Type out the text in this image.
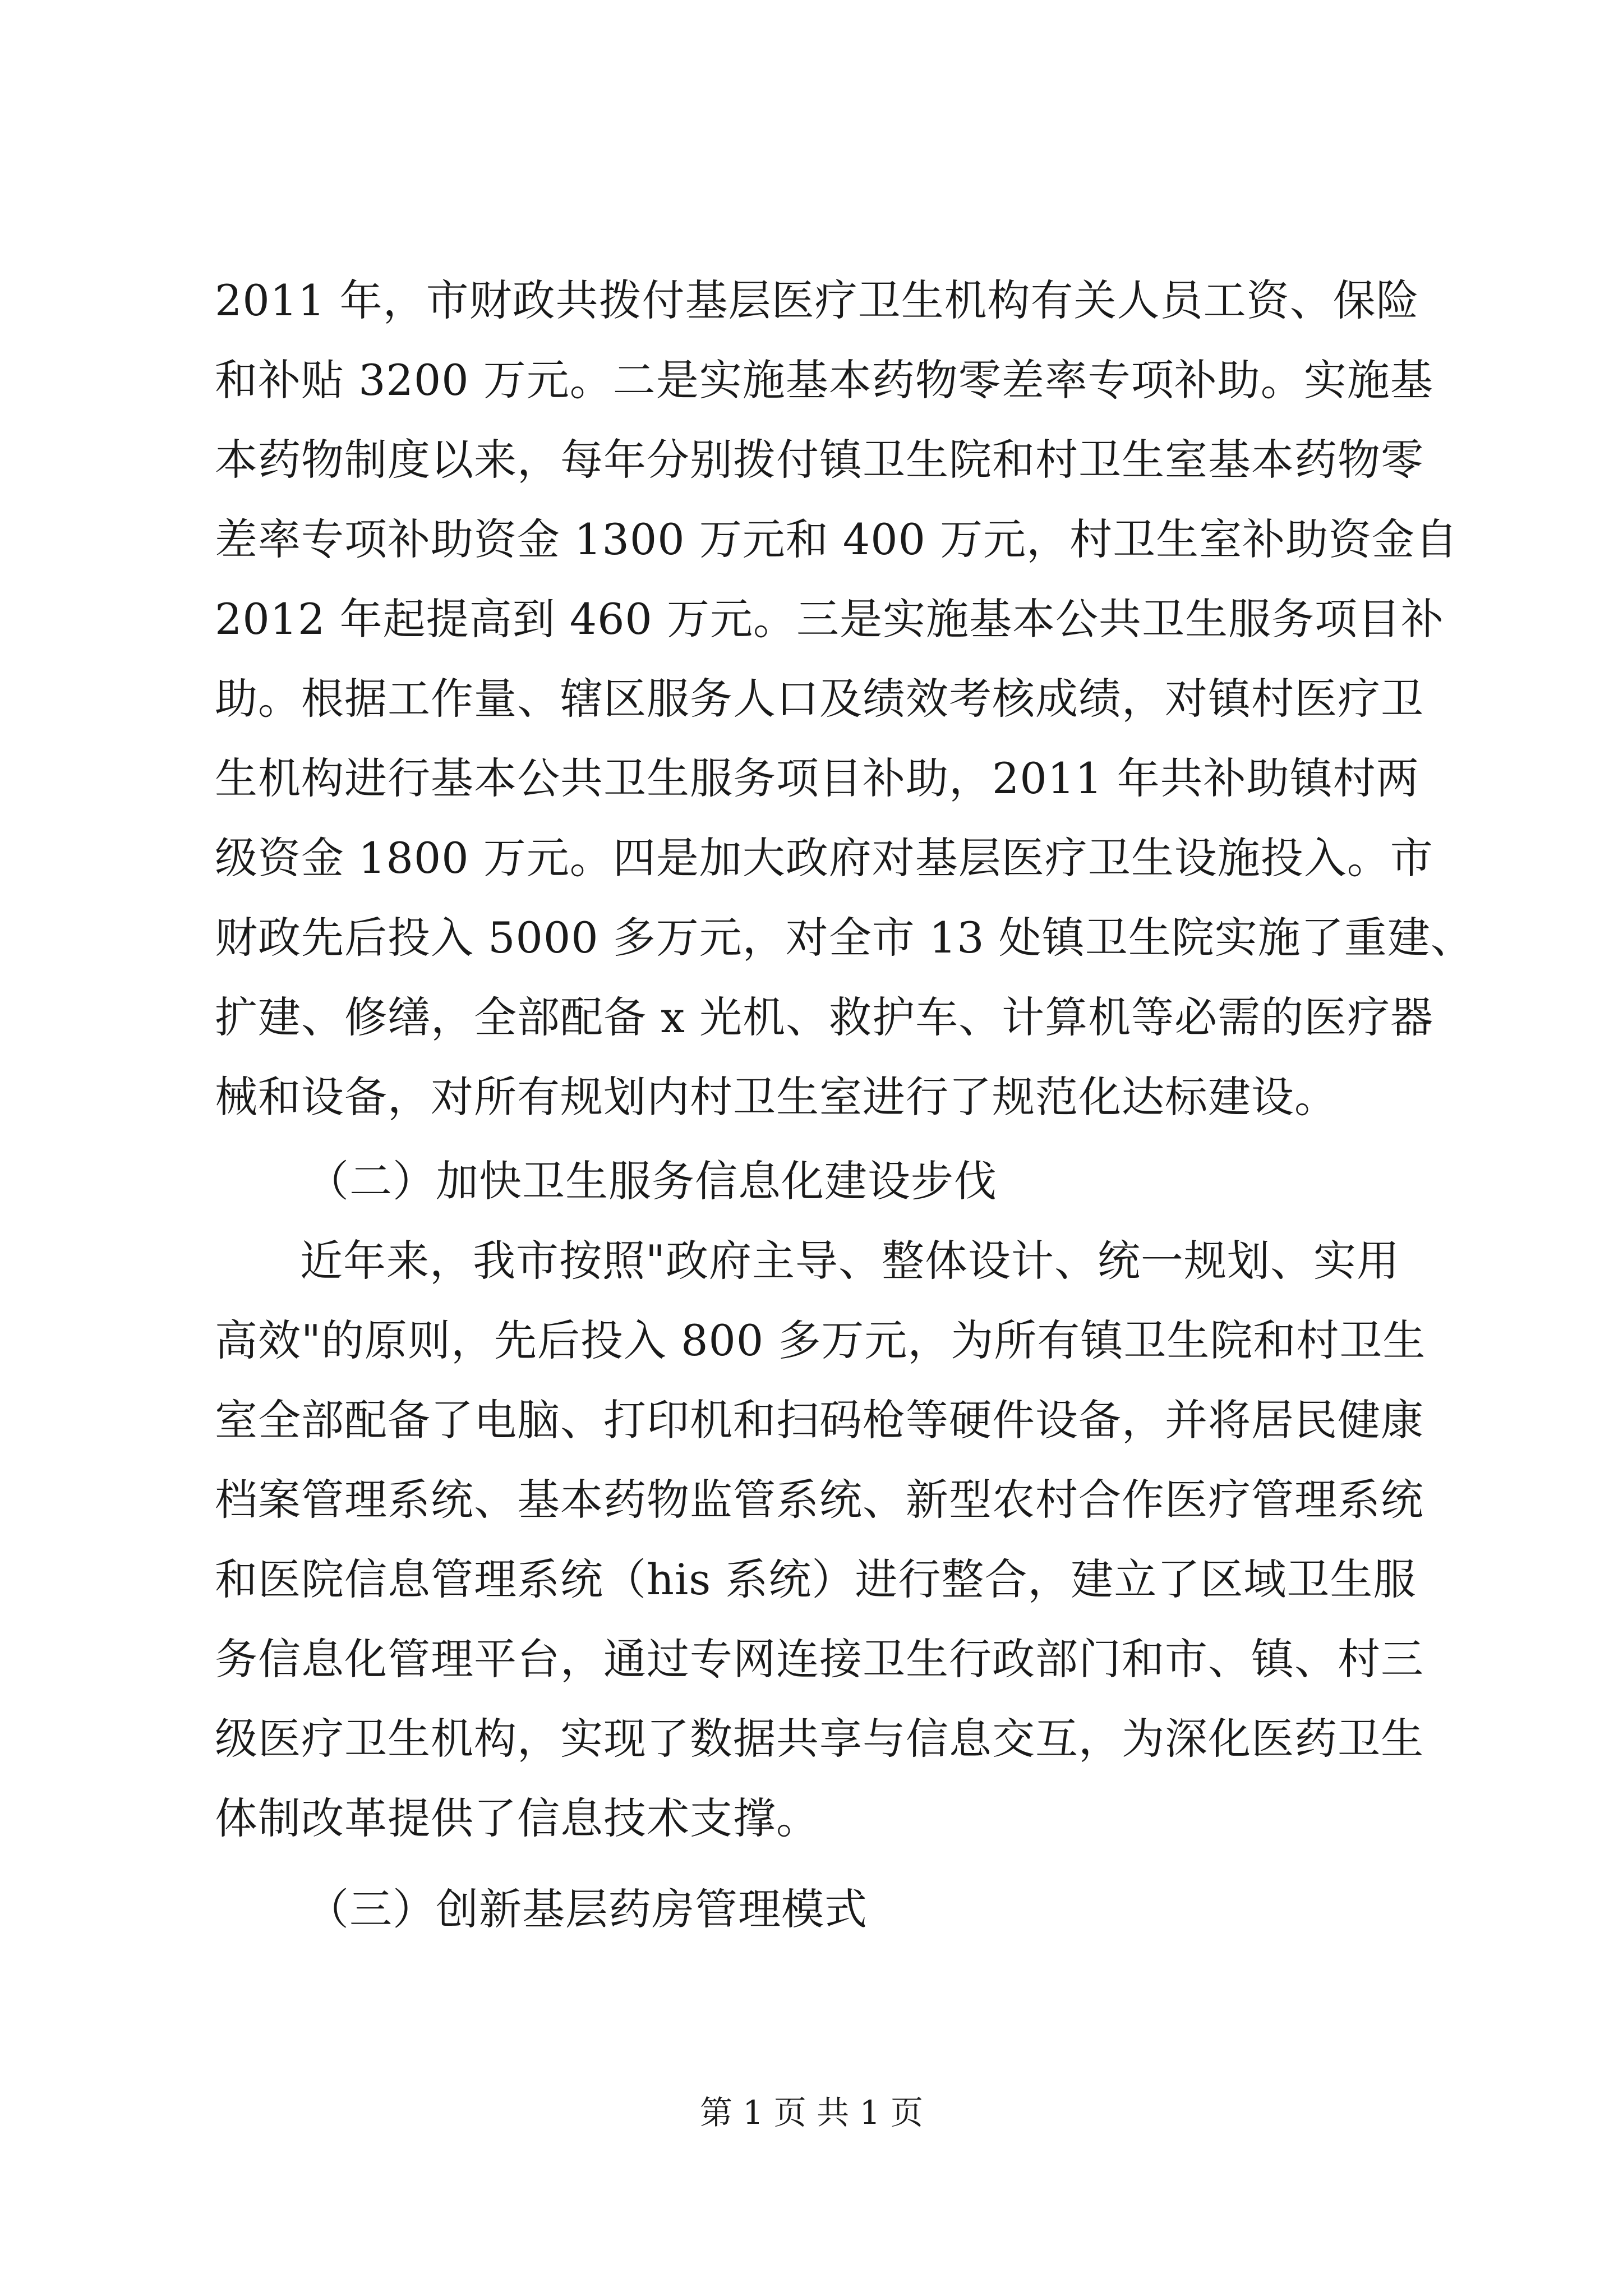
2011 年，市财政共拨付基层医疗卫生机构有关人员工资、保险
和补贴 3200 万元。二是实施基本药物零差率专项补助。实施基
本药物制度以来，每年分别拨付镇卫生院和村卫生室基本药物零
差率专项补助资金 1300 万元和 400 万元，村卫生室补助资金自
2012 年起提高到 460 万元。三是实施基本公共卫生服务项目补
助。根据工作量、辖区服务人口及绩效考核成绩，对镇村医疗卫
生机构进行基本公共卫生服务项目补助，2011 年共补助镇村两
级资金 1800 万元。四是加大政府对基层医疗卫生设施投入。市
财政先后投入 5000 多万元，对全市 13 处镇卫生院实施了重建、
扩建、修缮，全部配备 x 光机、救护车、计算机等必需的医疗器
械和设备，对所有规划内村卫生室进行了规范化达标建设。
（二）加快卫生服务信息化建设步伐
近年来，我市按照"政府主导、整体设计、统一规划、实用
高效"的原则，先后投入 800 多万元，为所有镇卫生院和村卫生
室全部配备了电脑、打印机和扫码枪等硬件设备，并将居民健康
档案管理系统、基本药物监管系统、新型农村合作医疗管理系统
和医院信息管理系统（his 系统）进行整合，建立了区域卫生服
务信息化管理平台，通过专网连接卫生行政部门和市、镇、村三
级医疗卫生机构，实现了数据共享与信息交互，为深化医药卫生
体制改革提供了信息技术支撑。
（三）创新基层药房管理模式
第 1 页 共 1 页
